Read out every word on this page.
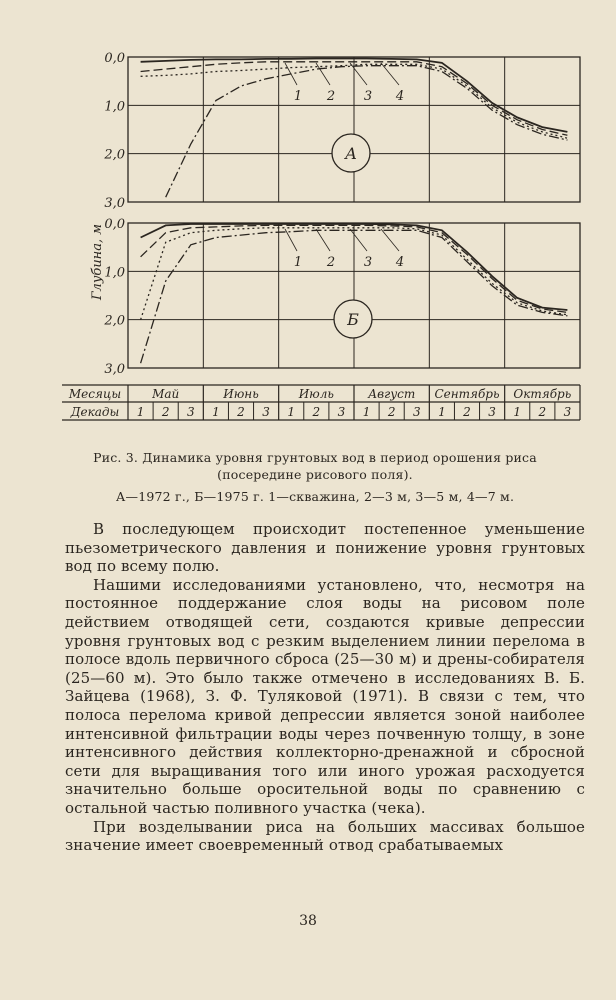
0,0
1,0
2,0
3,0
1 2 3 4
А
0,0
1,0
2,0
3,0
1 2 3 4
Б
Глубина, м
Месяцы
Декады
Май
1 2 3
Июнь
1 2 3
Июль
1 2 3
Август
1 2 3
Сентябрь
1 2 3
Октябрь
1 2 3
Рис. 3. Динамика уровня грунтовых вод в период орошения риса
(посередине рисового поля).
А—1972 г., Б—1975 г. 1—скважина, 2—3 м, 3—5 м, 4—7 м.

В последующем происходит постепенное уменьшение пьезометрического давления и понижение уровня грунтовых вод по всему полю.

Нашими исследованиями установлено, что, несмотря на постоянное поддержание слоя воды на рисовом поле действием отводящей сети, создаются кривые депрессии уровня грунтовых вод с резким выделением линии перелома в полосе вдоль первичного сброса (25—30 м) и дрены-собирателя (25—60 м). Это было также отмечено в исследованиях В. Б. Зайцева (1968), З. Ф. Туляковой (1971). В связи с тем, что полоса перелома кривой депрессии является зоной наиболее интенсивной фильтрации воды через почвенную толщу, в зоне интенсивного действия коллекторно-дренажной и сбросной сети для выращивания того или иного урожая расходуется значительно больше оросительной воды по сравнению с остальной частью поливного участка (чека).

При возделывании риса на больших массивах большое значение имеет своевременный отвод срабатываемых

38
